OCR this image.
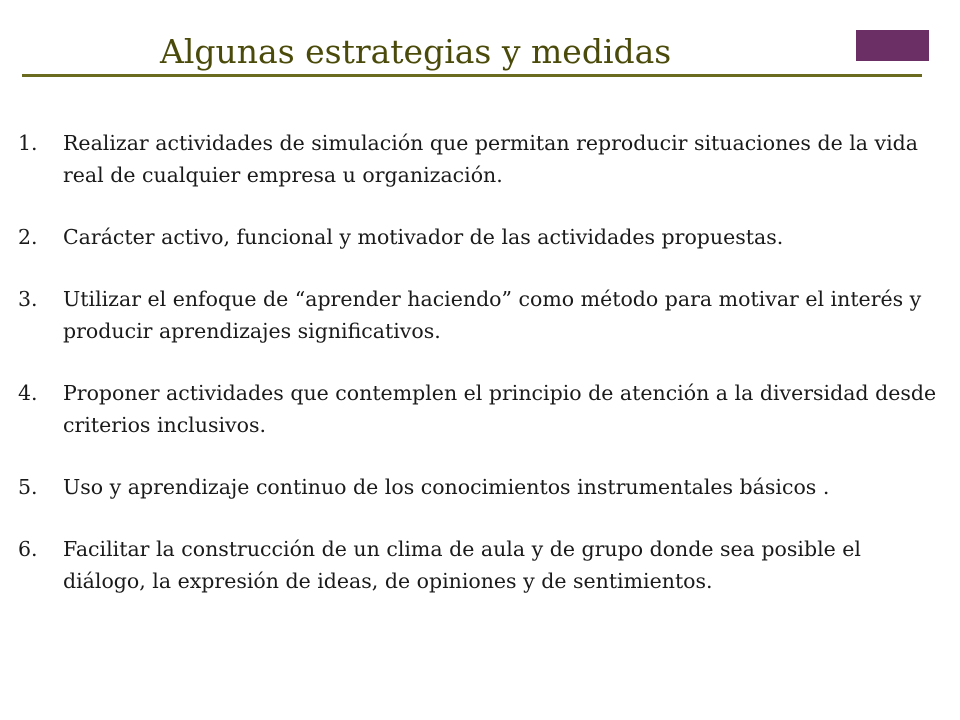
Algunas estrategias y medidas
1.	Realizar actividades de simulación que permitan reproducir situaciones de la vida real de cualquier empresa u organización.
2.	Carácter activo, funcional y motivador de las actividades propuestas.
3.	Utilizar el enfoque de “aprender haciendo” como método para motivar el interés y producir aprendizajes significativos.
4.	Proponer actividades que contemplen el principio de atención a la diversidad desde criterios inclusivos.
5.	Uso y aprendizaje continuo de los conocimientos instrumentales básicos .
6.	Facilitar la construcción de un clima de aula y de grupo donde sea posible el diálogo, la expresión de ideas, de opiniones y de sentimientos.
